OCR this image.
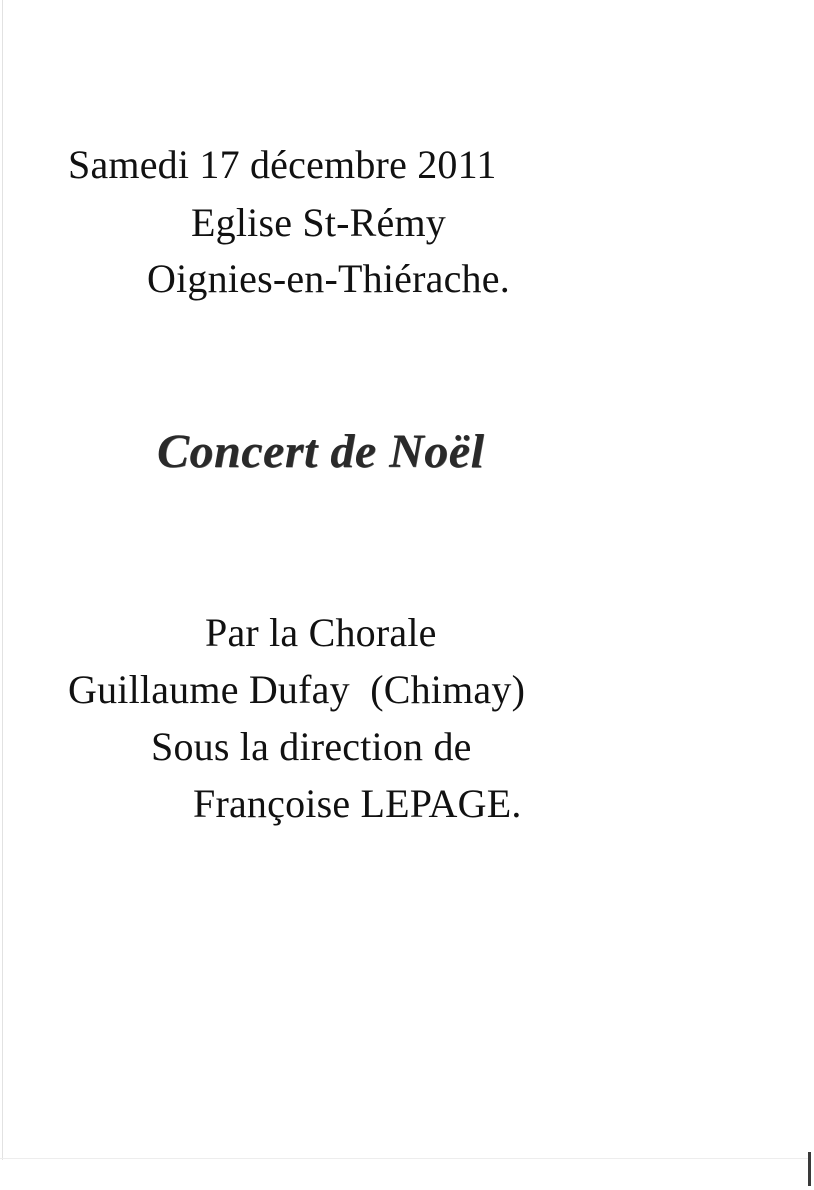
Samedi 17 décembre 2011
Eglise St-Rémy
Oignies-en-Thiérache.
Concert de Noël
Par la Chorale
Guillaume Dufay  (Chimay)
Sous la direction de
Françoise LEPAGE.
